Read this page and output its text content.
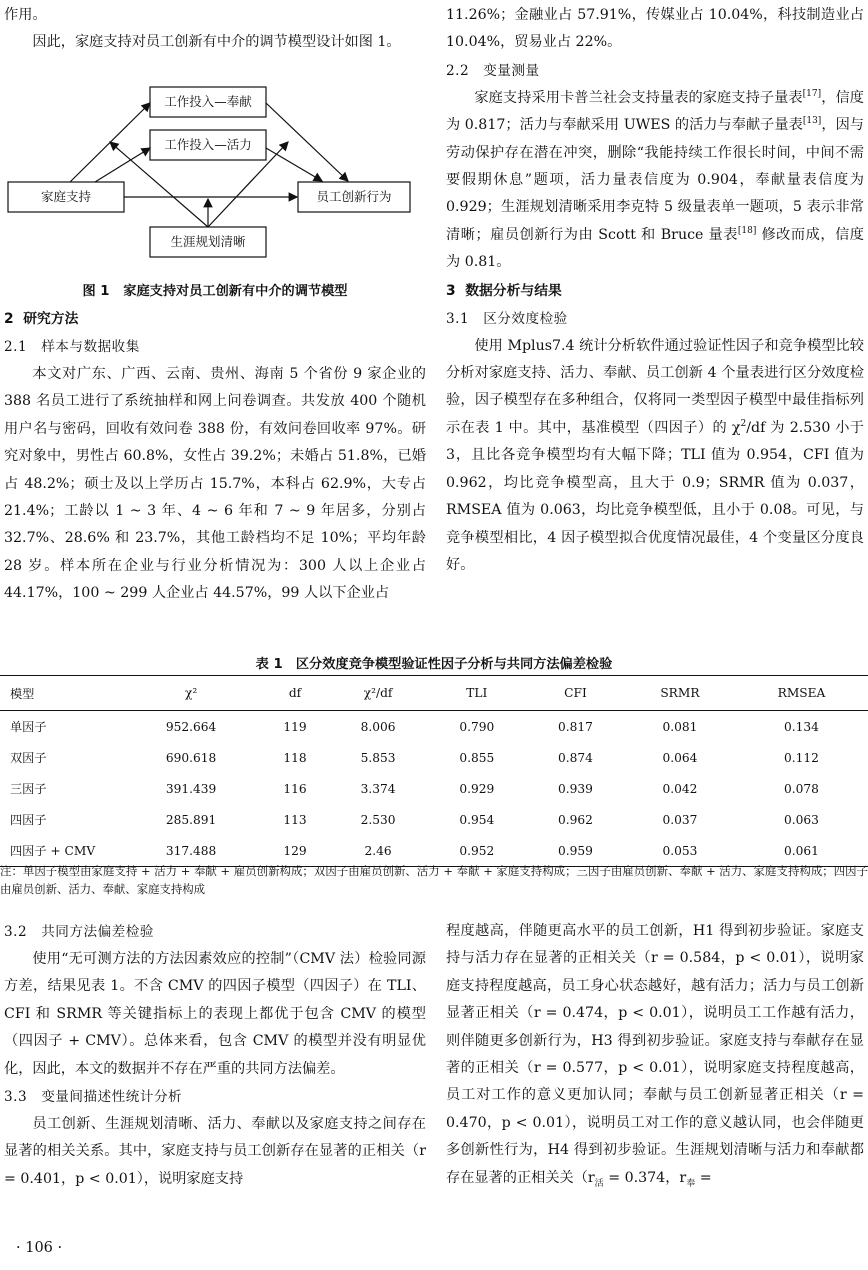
作用。

因此，家庭支持对员工创新有中介的调节模型设计如图 1。

工作投入—奉献
工作投入—活力
家庭支持	员工创新行为
生涯规划清晰
图 1 家庭支持对员工创新有中介的调节模型

2 研究方法

2.1　样本与数据收集

本文对广东、广西、云南、贵州、海南 5 个省份 9 家企业的 388 名员工进行了系统抽样和网上问卷调查。共发放 400 个随机用户名与密码，回收有效问卷 388 份，有效问卷回收率 97%。研究对象中，男性占 60.8%，女性占 39.2%；未婚占 51.8%，已婚占 48.2%；硕士及以上学历占 15.7%，本科占 62.9%，大专占 21.4%；工龄以 1 ~ 3 年、4 ~ 6 年和 7 ~ 9 年居多，分别占 32.7%、28.6% 和 23.7%，其他工龄档均不足 10%；平均年龄 28 岁。样本所在企业与行业分析情况为：300 人以上企业占 44.17%，100 ~ 299 人企业占 44.57%，99 人以下企业占

11.26%；金融业占 57.91%，传媒业占 10.04%，科技制造业占 10.04%，贸易业占 22%。

2.2　变量测量

家庭支持采用卡普兰社会支持量表的家庭支持子量表[17]，信度为 0.817；活力与奉献采用 UWES 的活力与奉献子量表[13]，因与劳动保护存在潜在冲突，删除“我能持续工作很长时间，中间不需要假期休息”题项，活力量表信度为 0.904，奉献量表信度为 0.929；生涯规划清晰采用李克特 5 级量表单一题项，5 表示非常清晰；雇员创新行为由 Scott 和 Bruce 量表[18] 修改而成，信度为 0.81。

3 数据分析与结果

3.1　区分效度检验

使用 Mplus7.4 统计分析软件通过验证性因子和竞争模型比较分析对家庭支持、活力、奉献、员工创新 4 个量表进行区分效度检验，因子模型存在多种组合，仅将同一类型因子模型中最佳指标列示在表 1 中。其中，基准模型（四因子）的 $\chi^2/df$ 为 2.530 小于 3，且比各竞争模型均有大幅下降；TLI 值为 0.954，CFI 值为 0.962，均比竞争模型高，且大于 0.9；SRMR 值为 0.037，RMSEA 值为 0.063，均比竞争模型低，且小于 0.08。可见，与竞争模型相比，4 因子模型拟合优度情况最佳，4 个变量区分度良好。

表 1　区分效度竞争模型验证性因子分析与共同方法偏差检验
模型	χ²	df	χ²/df	TLI	CFI	SRMR	RMSEA
单因子	952.664	119	8.006	0.790	0.817	0.081	0.134
双因子	690.618	118	5.853	0.855	0.874	0.064	0.112
三因子	391.439	116	3.374	0.929	0.939	0.042	0.078
四因子	285.891	113	2.530	0.954	0.962	0.037	0.063
四因子 + CMV	317.488	129	2.46	0.952	0.959	0.053	0.061
注：单因子模型由家庭支持 + 活力 + 奉献 + 雇员创新构成；双因子由雇员创新、活力 + 奉献 + 家庭支持构成；三因子由雇员创新、奉献 + 活力、家庭支持构成；四因子由雇员创新、活力、奉献、家庭支持构成

3.2　共同方法偏差检验

使用“无可测方法的方法因素效应的控制”（CMV 法）检验同源方差，结果见表 1。不含 CMV 的四因子模型（四因子）在 TLI、CFI 和 SRMR 等关键指标上的表现上都优于包含 CMV 的模型（四因子 + CMV）。总体来看，包含 CMV 的模型并没有明显优化，因此，本文的数据并不存在严重的共同方法偏差。

3.3　变量间描述性统计分析

员工创新、生涯规划清晰、活力、奉献以及家庭支持之间存在显著的相关关系。其中，家庭支持与员工创新存在显著的正相关（r = 0.401，p < 0.01），说明家庭支持

程度越高，伴随更高水平的员工创新，H1 得到初步验证。家庭支持与活力存在显著的正相关关（r = 0.584，p < 0.01），说明家庭支持程度越高，员工身心状态越好，越有活力；活力与员工创新显著正相关（r = 0.474，p < 0.01），说明员工工作越有活力，则伴随更多创新行为，H3 得到初步验证。家庭支持与奉献存在显著的正相关（r = 0.577，p < 0.01），说明家庭支持程度越高，员工对工作的意义更加认同；奉献与员工创新显著正相关（r = 0.470，p < 0.01），说明员工对工作的意义越认同，也会伴随更多创新性行为，H4 得到初步验证。生涯规划清晰与活力和奉献都存在显著的正相关关（$r_活 = 0.374$，$r_奉$ =

· 106 ·
